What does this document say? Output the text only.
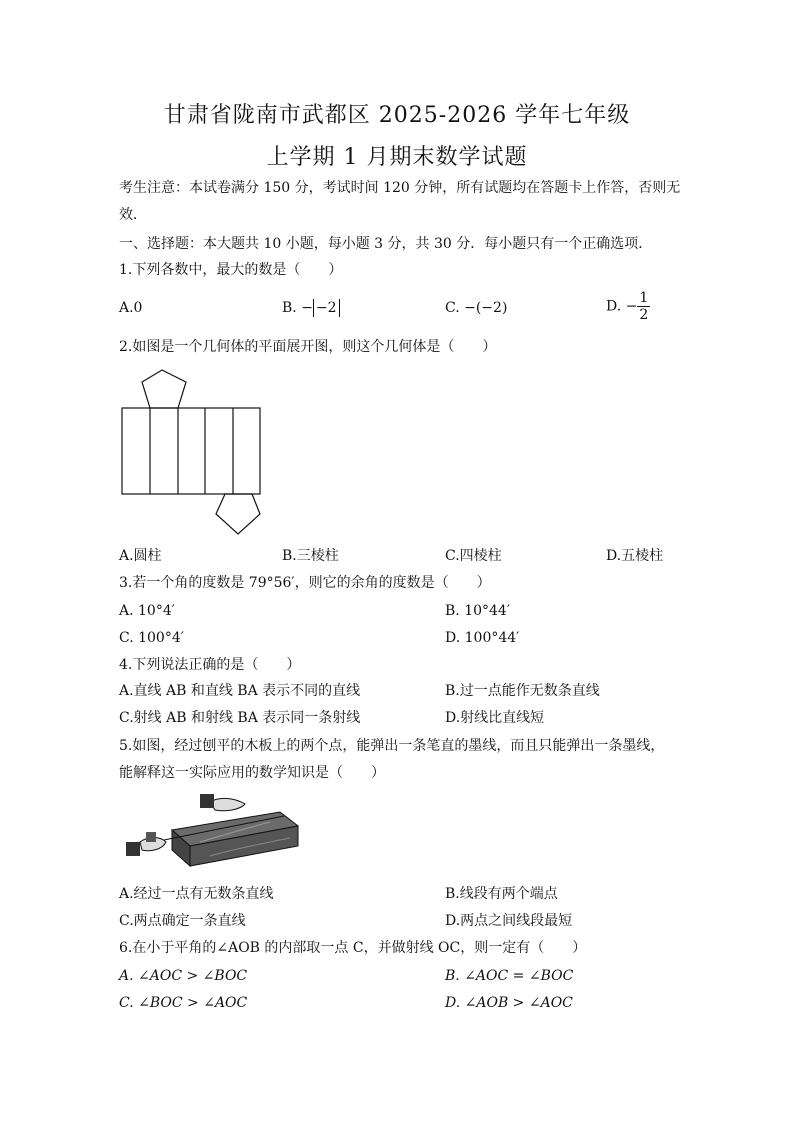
甘肃省陇南市武都区 2025-2026 学年七年级
上学期 1 月期末数学试题
考生注意：本试卷满分 150 分，考试时间 120 分钟，所有试题均在答题卡上作答，否则无
效．
一、选择题：本大题共 10 小题，每小题 3 分，共 30 分．每小题只有一个正确选项．
1.下列各数中，最大的数是（　　）
A.0	B. − −2	C. −(−2)	D. − $\frac{1}{2}$
2.如图是一个几何体的平面展开图，则这个几何体是（　　）
A.圆柱	B.三棱柱	C.四棱柱	D.五棱柱
3.若一个角的度数是 79°56′，则它的余角的度数是（　　）
A. 10°4′	B. 10°44′
C. 100°4′	D. 100°44′
4.下列说法正确的是（　　）
A.直线 AB 和直线 BA 表示不同的直线	B.过一点能作无数条直线
C.射线 AB 和射线 BA 表示同一条射线	D.射线比直线短
5.如图，经过刨平的木板上的两个点，能弹出一条笔直的墨线，而且只能弹出一条墨线，
能解释这一实际应用的数学知识是（　　）
A.经过一点有无数条直线	B.线段有两个端点
C.两点确定一条直线	D.两点之间线段最短
6.在小于平角的∠AOB 的内部取一点 C，并做射线 OC，则一定有（　　）
A. ∠AOC > ∠BOC	B. ∠AOC = ∠BOC
C. ∠BOC > ∠AOC	D. ∠AOB > ∠AOC
